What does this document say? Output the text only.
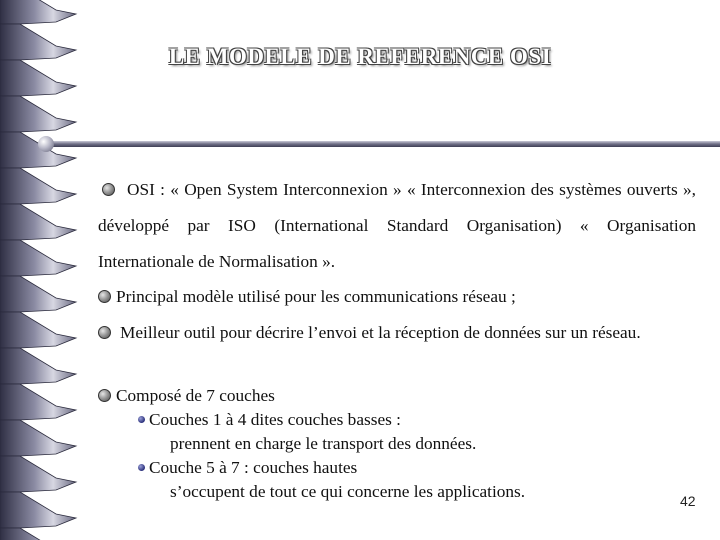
LE MODELE DE REFERENCE OSI
OSI : « Open System Interconnexion » « Interconnexion des systèmes ouverts », développé par ISO (International Standard Organisation) « Organisation Internationale de Normalisation ».
Principal modèle utilisé pour les communications réseau ;
Meilleur outil pour décrire l’envoi et la réception de données sur un réseau.
Composé de 7 couches
Couches 1 à 4 dites couches basses :
prennent en charge le transport des données.
Couche 5 à 7 : couches hautes
s’occupent de tout ce qui concerne les applications.	42
